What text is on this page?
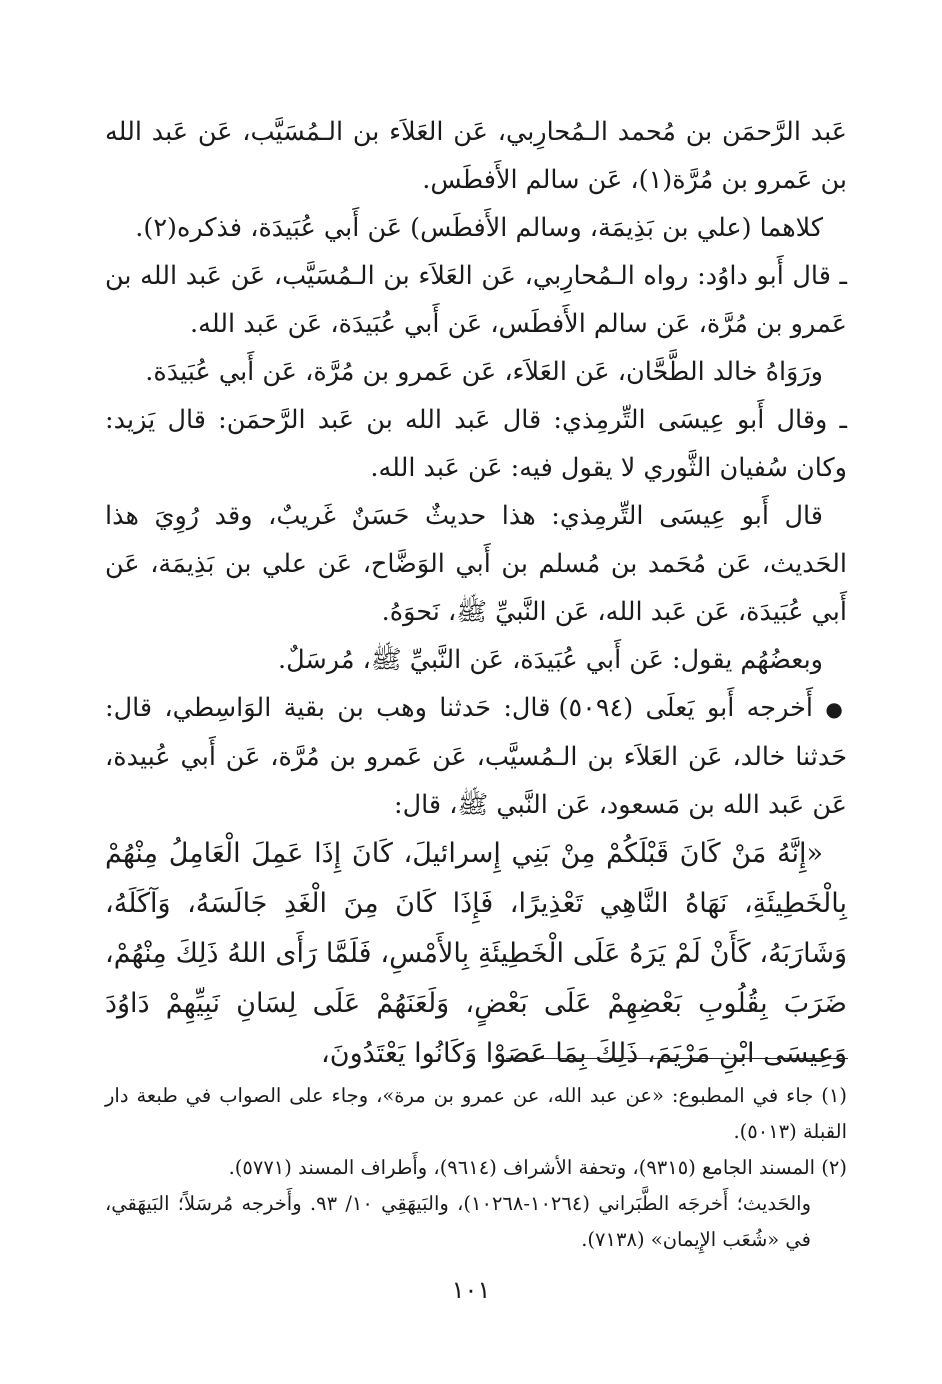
عَبد الرَّحمَن بن مُحمد الـمُحارِبي، عَن العَلاَء بن الـمُسَيَّب، عَن عَبد الله بن عَمرو بن مُرَّة(١)، عَن سالم الأَفطَس.

كلاهما (علي بن بَذِيمَة، وسالم الأَفطَس) عَن أَبي عُبَيدَة، فذكره(٢).

ـ قال أَبو داوُد: رواه الـمُحارِبي، عَن العَلاَء بن الـمُسَيَّب، عَن عَبد الله بن عَمرو بن مُرَّة، عَن سالم الأَفطَس، عَن أَبي عُبَيدَة، عَن عَبد الله.

ورَوَاهُ خالد الطَّحَّان، عَن العَلاَء، عَن عَمرو بن مُرَّة، عَن أَبي عُبَيدَة.

ـ وقال أَبو عِيسَى التِّرمِذي: قال عَبد الله بن عَبد الرَّحمَن: قال يَزيد: وكان سُفيان الثَّوري لا يقول فيه: عَن عَبد الله.

قال أَبو عِيسَى التِّرمِذي: هذا حديثٌ حَسَنٌ غَريبٌ، وقد رُوِيَ هذا الحَديث، عَن مُحَمد بن مُسلم بن أَبي الوَضَّاح، عَن علي بن بَذِيمَة، عَن أَبي عُبَيدَة، عَن عَبد الله، عَن النَّبيِّ ﷺ، نَحوَهُ.

وبعضُهُم يقول: عَن أَبي عُبَيدَة، عَن النَّبيِّ ﷺ، مُرسَلٌ.

● أَخرجه أَبو يَعلَى (٥٠٩٤) قال: حَدثنا وهب بن بقية الوَاسِطي، قال: حَدثنا خالد، عَن العَلاَء بن الـمُسيَّب، عَن عَمرو بن مُرَّة، عَن أَبي عُبيدة، عَن عَبد الله بن مَسعود، عَن النَّبي ﷺ، قال:

«إِنَّهُ مَنْ كَانَ قَبْلَكُمْ مِنْ بَنِي إِسرائيلَ، كَانَ إِذَا عَمِلَ الْعَامِلُ مِنْهُمْ بِالْخَطِيئَةِ، نَهَاهُ النَّاهِي تَعْذِيرًا، فَإِذَا كَانَ مِنَ الْغَدِ جَالَسَهُ، وَآكَلَهُ، وَشَارَبَهُ، كَأَنْ لَمْ يَرَهُ عَلَى الْخَطِيئَةِ بِالأَمْسِ، فَلَمَّا رَأَى اللهُ ذَلِكَ مِنْهُمْ، ضَرَبَ بِقُلُوبِ بَعْضِهِمْ عَلَى بَعْضٍ، وَلَعَنَهُمْ عَلَى لِسَانِ نَبِيِّهِمْ دَاوُدَ وَعِيسَى ابْنِ مَرْيَمَ، ذَلِكَ بِمَا عَصَوْا وَكَانُوا يَعْتَدُونَ،

(١) جاء في المطبوع: «عن عبد الله، عن عمرو بن مرة»، وجاء على الصواب في طبعة دار القبلة (٥٠١٣).

(٢) المسند الجامع (٩٣١٥)، وتحفة الأشراف (٩٦١٤)، وأَطراف المسند (٥٧٧١).

والحَديث؛ أَخرجَه الطَّبَراني (١٠٢٦٤-١٠٢٦٨)، والبَيهَقِي ١٠/ ٩٣. وأَخرجه مُرسَلاً؛ البَيهَقي، في «شُعَب الإِيمان» (٧١٣٨).

١٠١
